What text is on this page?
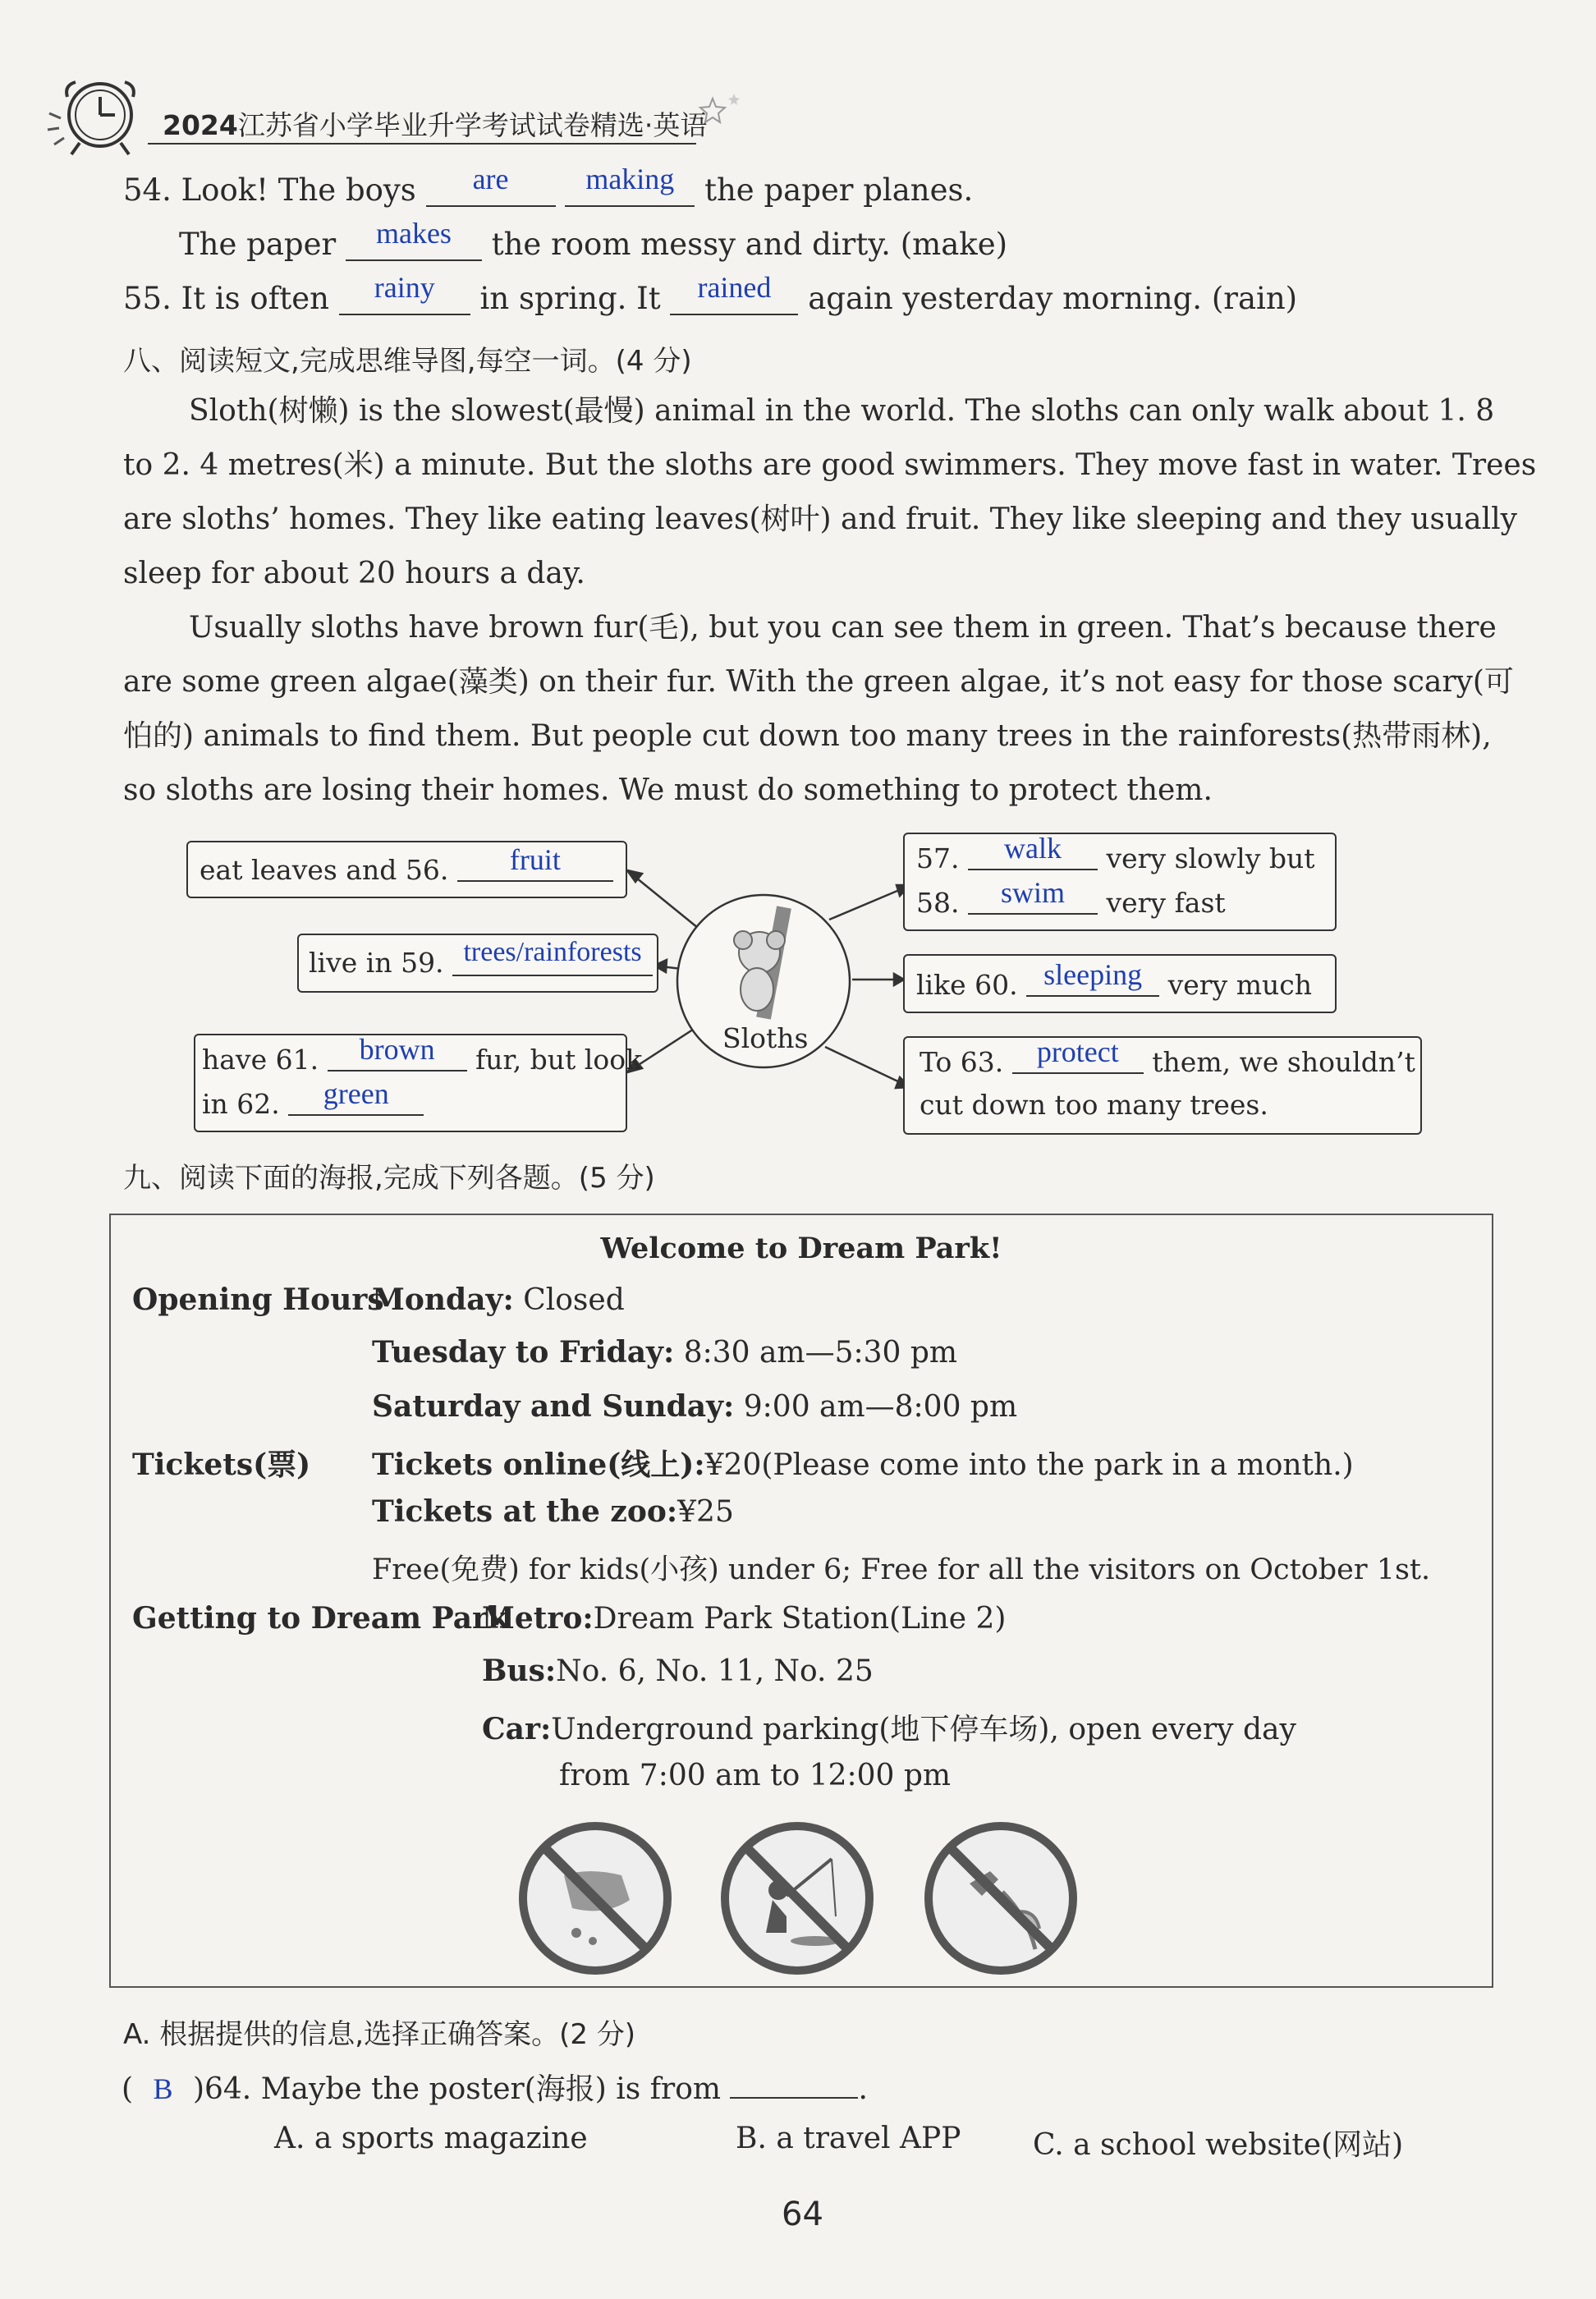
2024江苏省小学毕业升学考试试卷精选·英语
54. Look! The boys are	making the paper planes.
The paper makes the room messy and dirty. (make)
55. It is often rainy in spring. It rained again yesterday morning. (rain)
八、阅读短文,完成思维导图,每空一词。(4 分)
Sloth(树懒) is the slowest(最慢) animal in the world. The sloths can only walk about 1. 8
to 2. 4 metres(米) a minute. But the sloths are good swimmers. They move fast in water. Trees
are sloths’ homes. They like eating leaves(树叶) and fruit. They like sleeping and they usually
sleep for about 20 hours a day.
Usually sloths have brown fur(毛), but you can see them in green. That’s because there
are some green algae(藻类) on their fur. With the green algae, it’s not easy for those scary(可
怕的) animals to find them. But people cut down too many trees in the rainforests(热带雨林),
so sloths are losing their homes. We must do something to protect them.
Sloths
eat leaves and 56. fruit
live in 59. trees/rainforests
have 61. brown fur, but look
in 62. green
57. walk very slowly but
58. swim very fast
like 60. sleeping very much
To 63. protect them, we shouldn’t
cut down too many trees.
九、阅读下面的海报,完成下列各题。(5 分)
Welcome to Dream Park!
Opening Hours
Monday: Closed
Tuesday to Friday: 8:30 am—5:30 pm
Saturday and Sunday: 9:00 am—8:00 pm
Tickets(票) Tickets online(线上):¥20(Please come into the park in a month.)
Tickets at the zoo:¥25
Free(免费) for kids(小孩) under 6; Free for all the visitors on October 1st.
Getting to Dream Park
Metro:Dream Park Station(Line 2)
Bus:No. 6, No. 11, No. 25
Car:Underground parking(地下停车场), open every day
from 7:00 am to 12:00 pm
A. 根据提供的信息,选择正确答案。(2 分)
( B )64. Maybe the poster(海报) is from	.
A. a sports magazine	B. a travel APP C. a school website(网站)
64
